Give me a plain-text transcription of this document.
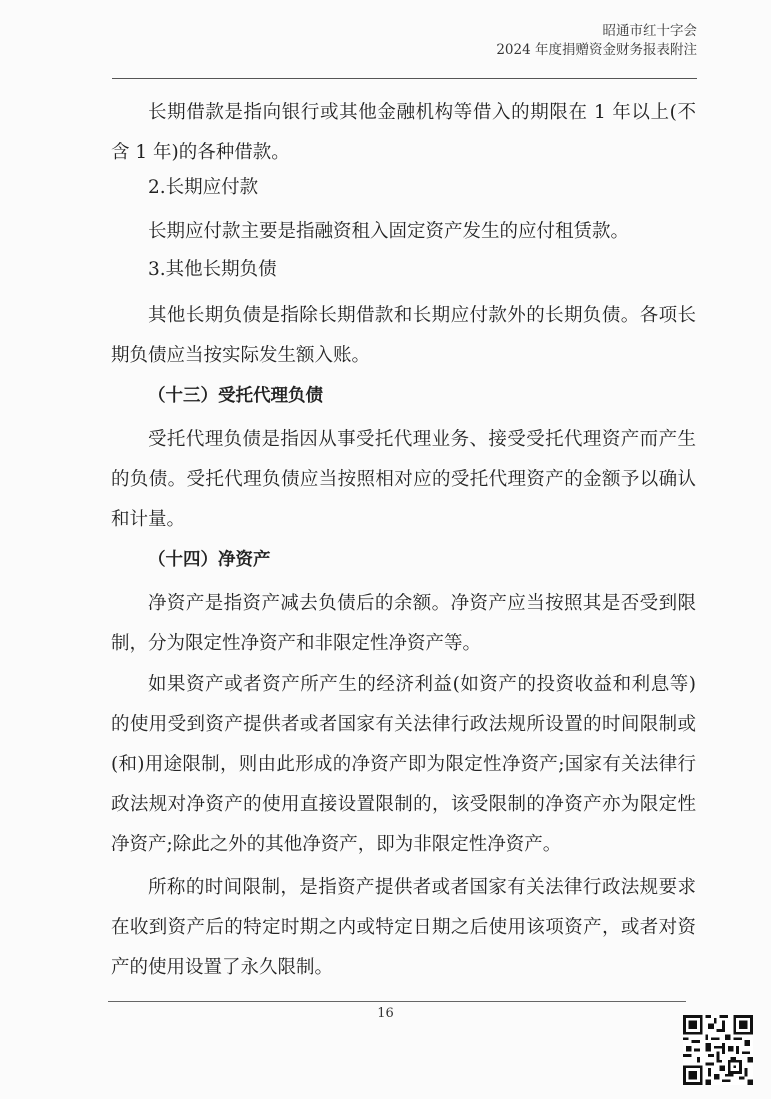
昭通市红十字会
2024 年度捐赠资金财务报表附注
长期借款是指向银行或其他金融机构等借入的期限在 1 年以上(不含 1 年)的各种借款。
2.长期应付款
长期应付款主要是指融资租入固定资产发生的应付租赁款。
3.其他长期负债
其他长期负债是指除长期借款和长期应付款外的长期负债。各项长期负债应当按实际发生额入账。
（十三）受托代理负债
受托代理负债是指因从事受托代理业务、接受受托代理资产而产生的负债。受托代理负债应当按照相对应的受托代理资产的金额予以确认和计量。
（十四）净资产
净资产是指资产减去负债后的余额。净资产应当按照其是否受到限制，分为限定性净资产和非限定性净资产等。
如果资产或者资产所产生的经济利益(如资产的投资收益和利息等)的使用受到资产提供者或者国家有关法律行政法规所设置的时间限制或(和)用途限制，则由此形成的净资产即为限定性净资产;国家有关法律行政法规对净资产的使用直接设置限制的，该受限制的净资产亦为限定性净资产;除此之外的其他净资产，即为非限定性净资产。
所称的时间限制，是指资产提供者或者国家有关法律行政法规要求在收到资产后的特定时期之内或特定日期之后使用该项资产，或者对资产的使用设置了永久限制。
16
